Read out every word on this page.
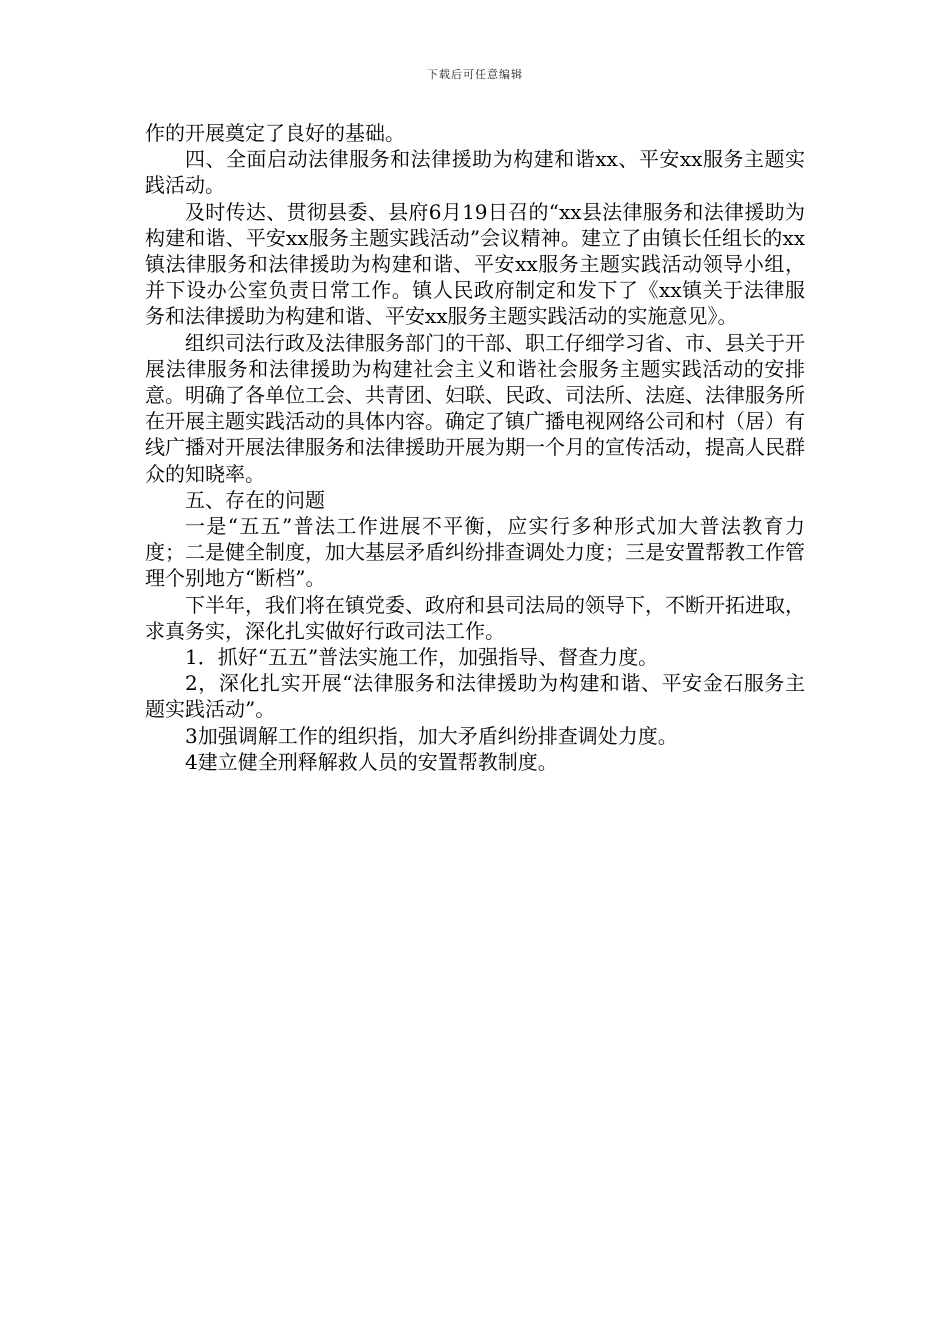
下载后可任意编辑

作的开展奠定了良好的基础。

四、全面启动法律服务和法律援助为构建和谐xx、平安xx服务主题实践活动。

及时传达、贯彻县委、县府6月19日召的“xx县法律服务和法律援助为构建和谐、平安xx服务主题实践活动”会议精神。建立了由镇长任组长的xx镇法律服务和法律援助为构建和谐、平安xx服务主题实践活动领导小组，并下设办公室负责日常工作。镇人民政府制定和发下了《xx镇关于法律服务和法律援助为构建和谐、平安xx服务主题实践活动的实施意见》。

组织司法行政及法律服务部门的干部、职工仔细学习省、市、县关于开展法律服务和法律援助为构建社会主义和谐社会服务主题实践活动的安排意。明确了各单位工会、共青团、妇联、民政、司法所、法庭、法律服务所在开展主题实践活动的具体内容。确定了镇广播电视网络公司和村（居）有线广播对开展法律服务和法律援助开展为期一个月的宣传活动，提高人民群众的知晓率。

五、存在的问题

一是“五五”普法工作进展不平衡，应实行多种形式加大普法教育力度；二是健全制度，加大基层矛盾纠纷排查调处力度；三是安置帮教工作管理个别地方“断档”。

下半年，我们将在镇党委、政府和县司法局的领导下，不断开拓进取，求真务实，深化扎实做好行政司法工作。

1．抓好“五五”普法实施工作，加强指导、督查力度。

2，深化扎实开展“法律服务和法律援助为构建和谐、平安金石服务主题实践活动”。

3加强调解工作的组织指，加大矛盾纠纷排查调处力度。

4建立健全刑释解救人员的安置帮教制度。
